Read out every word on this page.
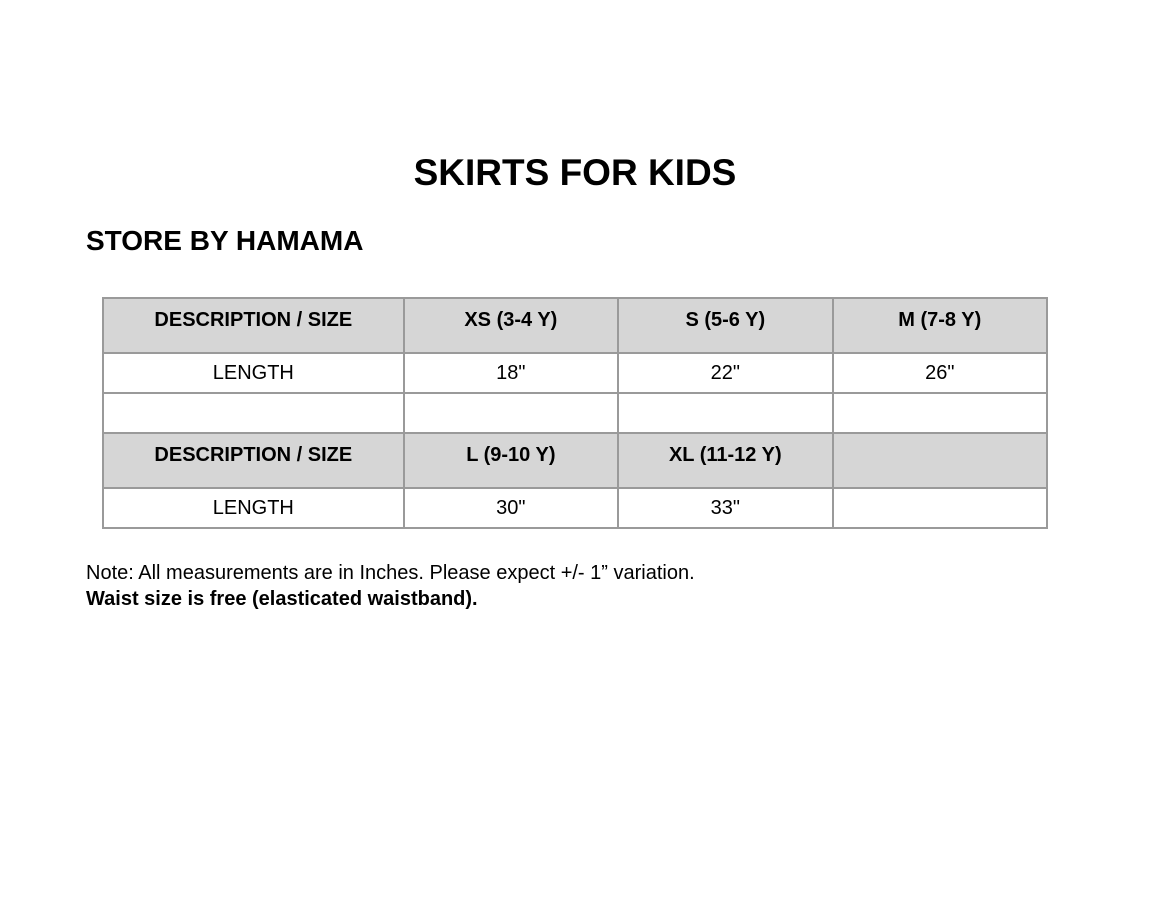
SKIRTS FOR KIDS
STORE BY HAMAMA
DESCRIPTION / SIZE	XS (3-4 Y)	S (5-6 Y)	M (7-8 Y)
LENGTH	18"	22"	26"

DESCRIPTION / SIZE	L (9-10 Y)	XL (11-12 Y)	
LENGTH	30"	33"	
Note: All measurements are in Inches. Please expect +/- 1” variation.
Waist size is free (elasticated waistband).
